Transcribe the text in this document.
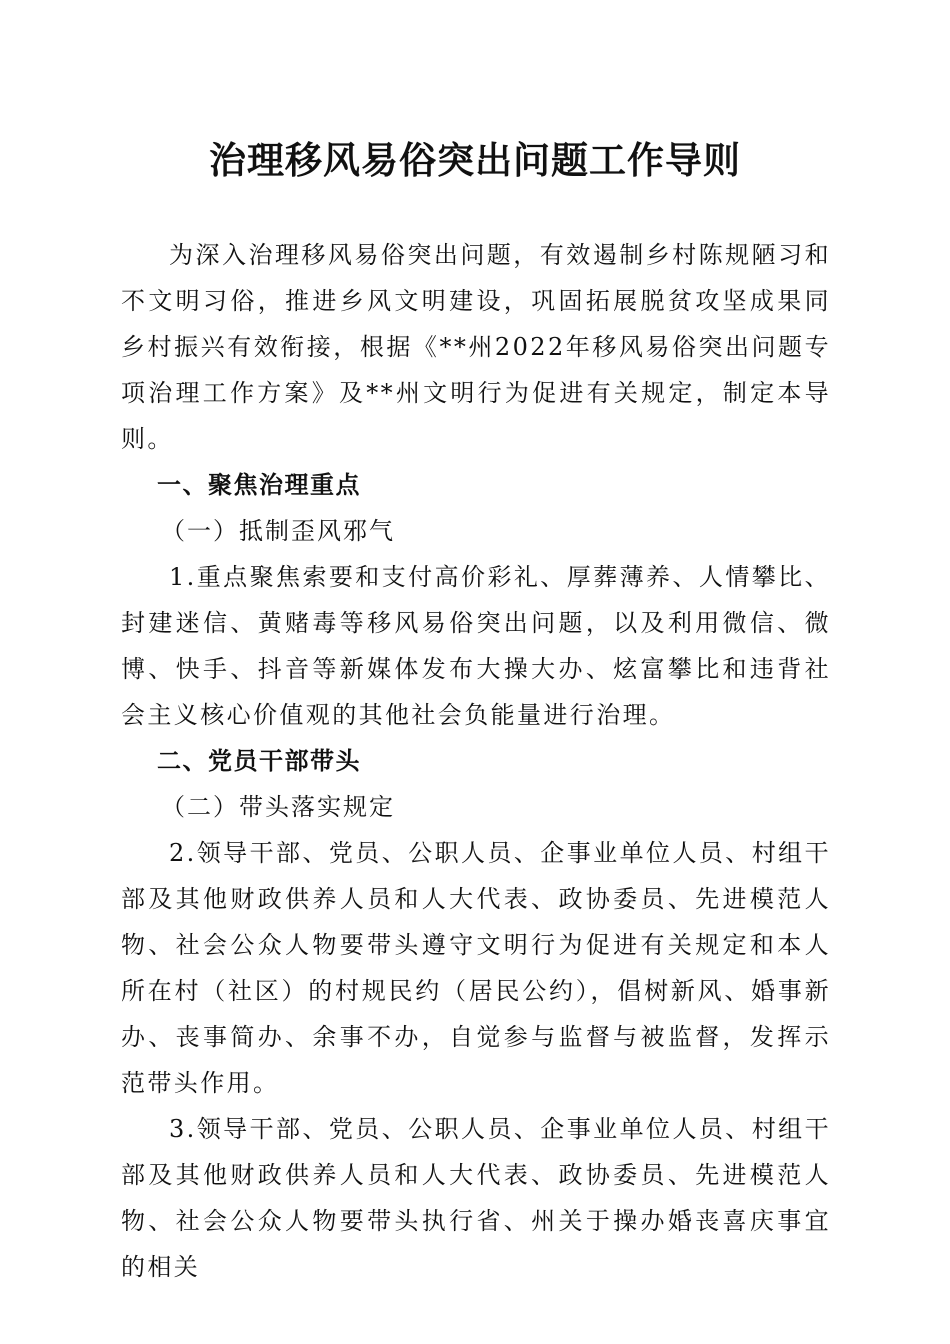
治理移风易俗突出问题工作导则

为深入治理移风易俗突出问题，有效遏制乡村陈规陋习和不文明习俗，推进乡风文明建设，巩固拓展脱贫攻坚成果同乡村振兴有效衔接，根据《**州2022年移风易俗突出问题专项治理工作方案》及**州文明行为促进有关规定，制定本导则。

一、聚焦治理重点

（一）抵制歪风邪气

1.重点聚焦索要和支付高价彩礼、厚葬薄养、人情攀比、封建迷信、黄赌毒等移风易俗突出问题，以及利用微信、微博、快手、抖音等新媒体发布大操大办、炫富攀比和违背社会主义核心价值观的其他社会负能量进行治理。

二、党员干部带头

（二）带头落实规定

2.领导干部、党员、公职人员、企事业单位人员、村组干部及其他财政供养人员和人大代表、政协委员、先进模范人物、社会公众人物要带头遵守文明行为促进有关规定和本人所在村（社区）的村规民约（居民公约），倡树新风、婚事新办、丧事简办、余事不办，自觉参与监督与被监督，发挥示范带头作用。

3.领导干部、党员、公职人员、企事业单位人员、村组干部及其他财政供养人员和人大代表、政协委员、先进模范人物、社会公众人物要带头执行省、州关于操办婚丧喜庆事宜的相关
